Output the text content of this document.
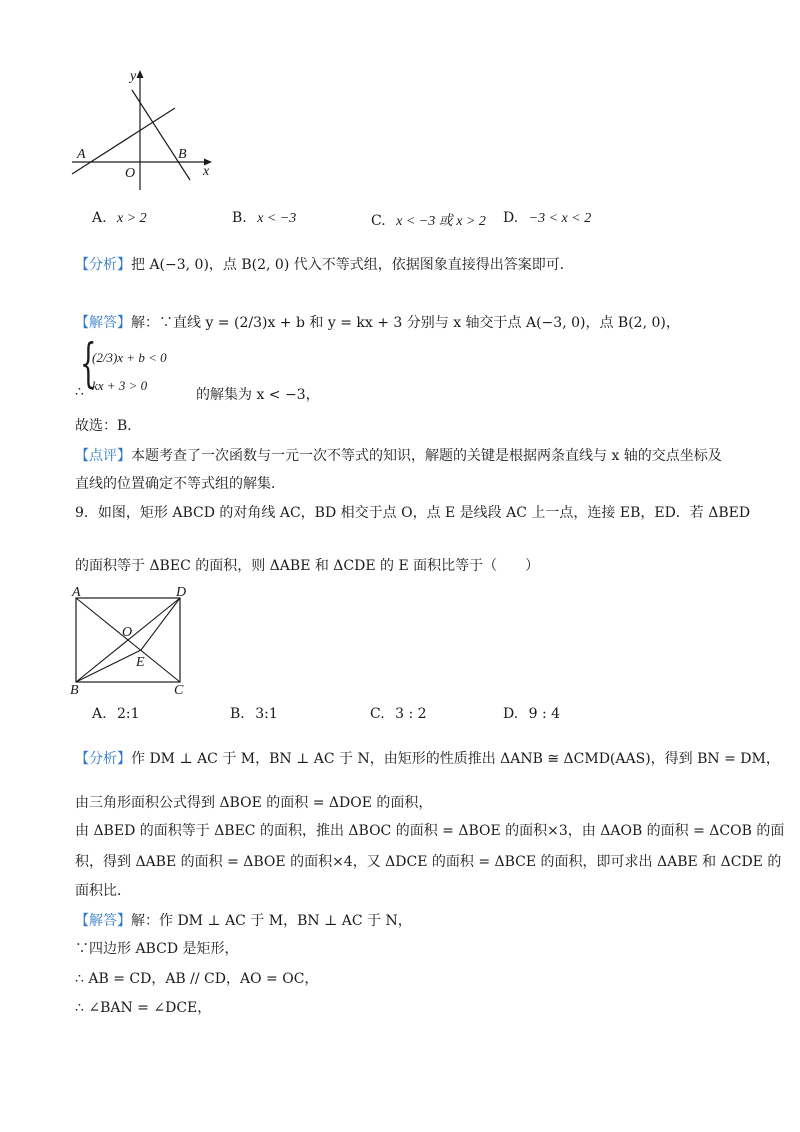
y
x
A	B
O
A. x > 2	B. x < −3	C. x < −3 或 x > 2 D. −3 < x < 2
【分析】把 A(−3, 0)，点 B(2, 0) 代入不等式组，依据图象直接得出答案即可．
【解答】解：∵直线 y = (2/3)x + b 和 y = kx + 3 分别与 x 轴交于点 A(−3, 0)，点 B(2, 0)，
{
(2/3)x + b < 0
kx + 3 > 0
∴	的解集为 x < −3，
故选：B．
【点评】本题考查了一次函数与一元一次不等式的知识，解题的关键是根据两条直线与 x 轴的交点坐标及
直线的位置确定不等式组的解集．
9．如图，矩形 ABCD 的对角线 AC，BD 相交于点 O，点 E 是线段 AC 上一点，连接 EB，ED．若 ΔBED
的面积等于 ΔBEC 的面积，则 ΔABE 和 ΔCDE 的 E 面积比等于（　　）
A	D
O
E
B	C
A. 2:1	B. 3:1	C. 3 : 2	D. 9 : 4
【分析】作 DM ⊥ AC 于 M，BN ⊥ AC 于 N，由矩形的性质推出 ΔANB ≅ ΔCMD(AAS)，得到 BN = DM，
由三角形面积公式得到 ΔBOE 的面积 = ΔDOE 的面积，
由 ΔBED 的面积等于 ΔBEC 的面积，推出 ΔBOC 的面积 = ΔBOE 的面积×3，由 ΔAOB 的面积 = ΔCOB 的面
积，得到 ΔABE 的面积 = ΔBOE 的面积×4，又 ΔDCE 的面积 = ΔBCE 的面积，即可求出 ΔABE 和 ΔCDE 的
面积比．
【解答】解：作 DM ⊥ AC 于 M，BN ⊥ AC 于 N，
∵四边形 ABCD 是矩形，
∴ AB = CD，AB // CD，AO = OC，
∴ ∠BAN = ∠DCE，
